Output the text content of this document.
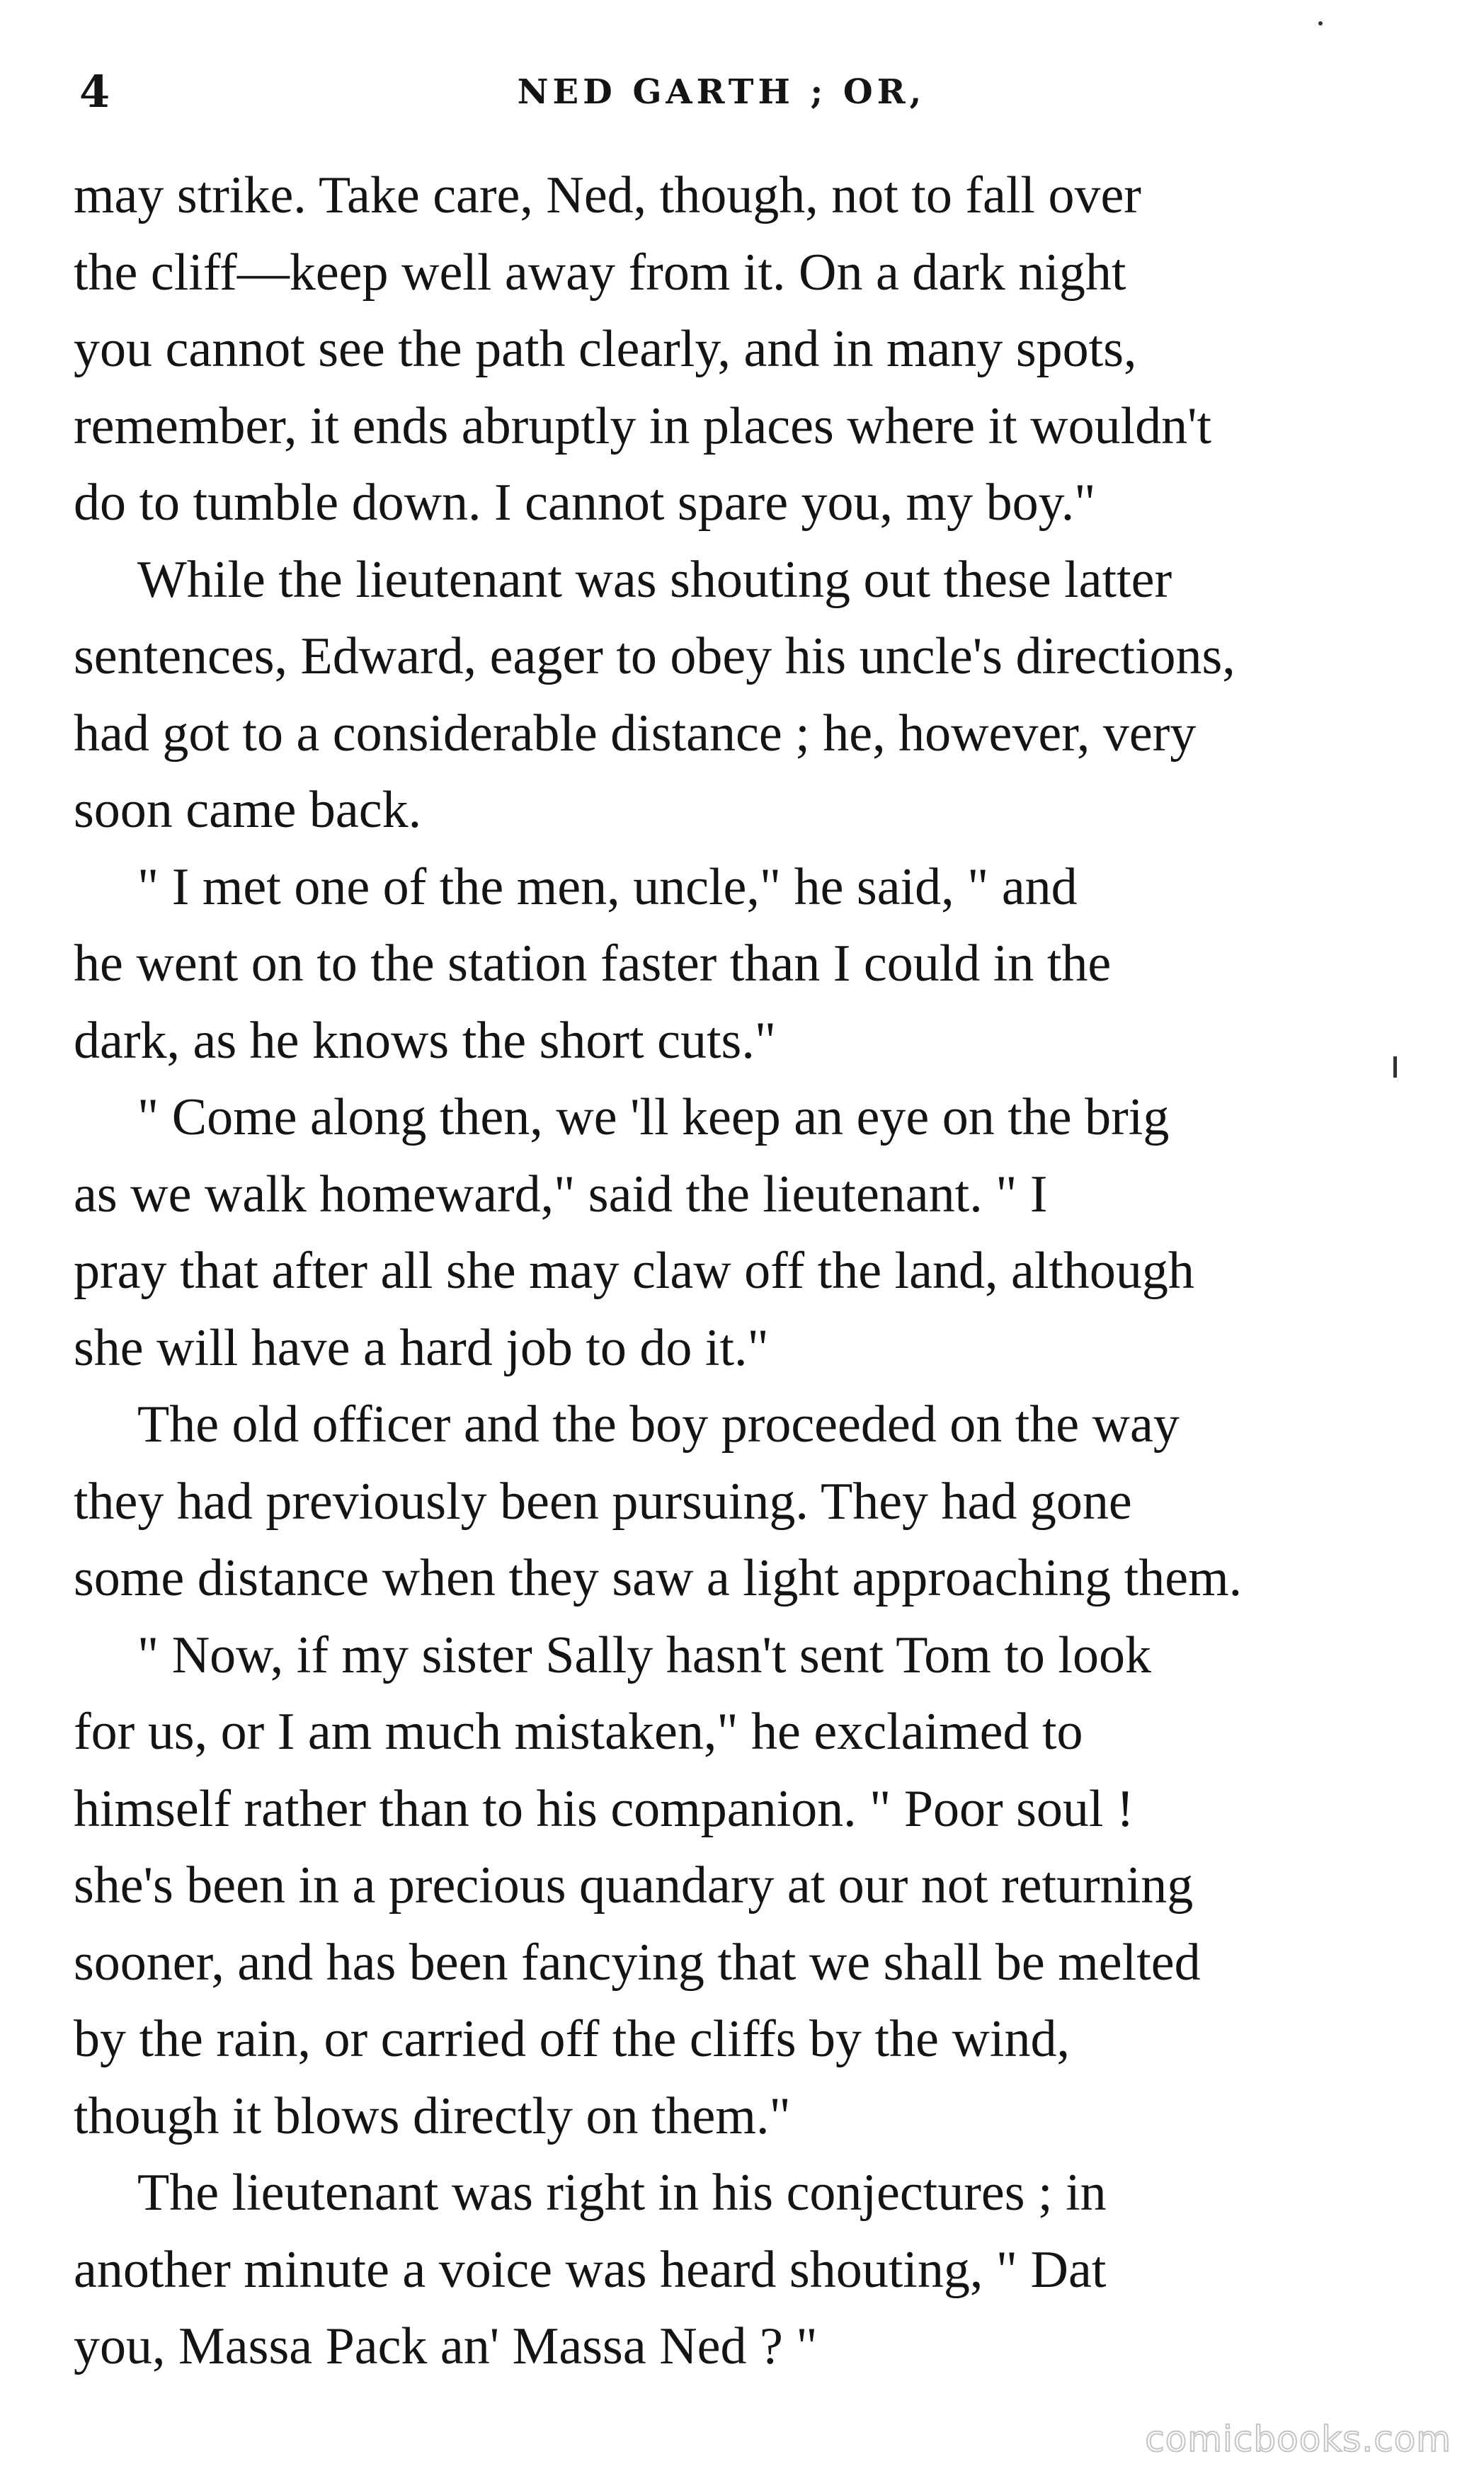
4	NED GARTH ; OR,

may strike. Take care, Ned, though, not to fall over
the cliff—keep well away from it. On a dark night
you cannot see the path clearly, and in many spots,
remember, it ends abruptly in places where it wouldn't
do to tumble down. I cannot spare you, my boy."

While the lieutenant was shouting out these latter
sentences, Edward, eager to obey his uncle's directions,
had got to a considerable distance ; he, however, very
soon came back.

" I met one of the men, uncle," he said, " and
he went on to the station faster than I could in the
dark, as he knows the short cuts."

" Come along then, we 'll keep an eye on the brig
as we walk homeward," said the lieutenant. " I
pray that after all she may claw off the land, although
she will have a hard job to do it."

The old officer and the boy proceeded on the way
they had previously been pursuing. They had gone
some distance when they saw a light approaching them.

" Now, if my sister Sally hasn't sent Tom to look
for us, or I am much mistaken," he exclaimed to
himself rather than to his companion. " Poor soul !
she's been in a precious quandary at our not returning
sooner, and has been fancying that we shall be melted
by the rain, or carried off the cliffs by the wind,
though it blows directly on them."

The lieutenant was right in his conjectures ; in
another minute a voice was heard shouting, " Dat
you, Massa Pack an' Massa Ned ? "

comicbooks.com
